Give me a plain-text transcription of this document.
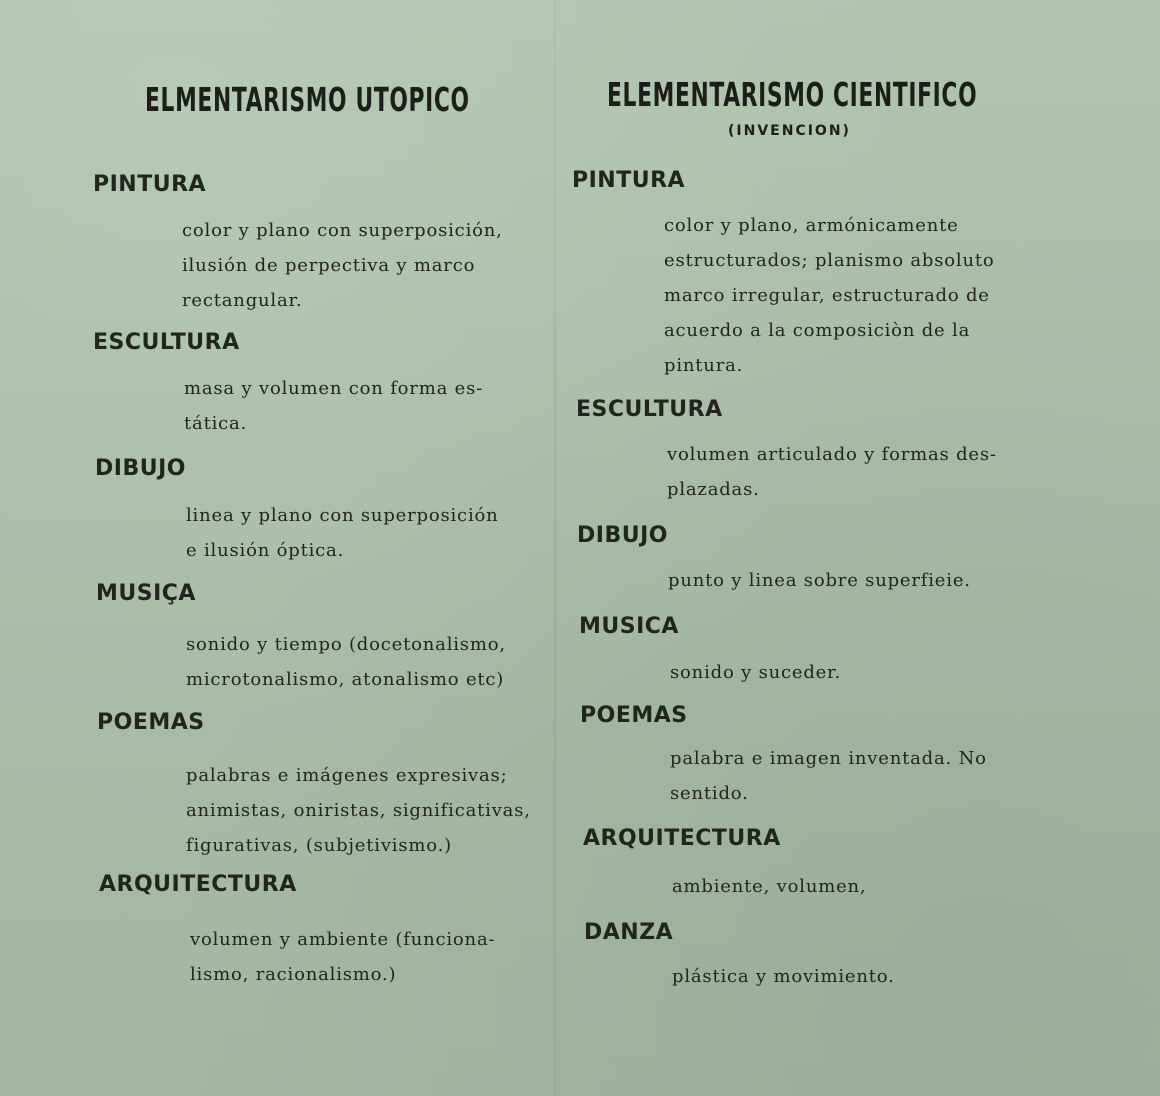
ELMENTARISMO UTOPICO
PINTURA
color y plano con superposición,
ilusión de perpectiva y marco
rectangular.
ESCULTURA
masa y volumen con forma es-
tática.
DIBUJO
linea y plano con superposición
e ilusión óptica.
MUSIÇA
sonido y tiempo (docetonalismo,
microtonalismo, atonalismo etc)
POEMAS
palabras e imágenes expresivas;
animistas, oniristas, significativas,
figurativas, (subjetivismo.)
ARQUITECTURA
volumen y ambiente (funciona-
lismo, racionalismo.)
ELEMENTARISMO CIENTIFICO
(INVENCION)
PINTURA
color y plano, armónicamente
estructurados; planismo absoluto
marco irregular, estructurado de
acuerdo a la composiciòn de la
pintura.
ESCULTURA
volumen articulado y formas des-
plazadas.
DIBUJO
punto y linea sobre superfieie.
MUSICA
sonido y suceder.
POEMAS
palabra e imagen inventada. No
sentido.
ARQUITECTURA
ambiente, volumen,
DANZA
plástica y movimiento.
